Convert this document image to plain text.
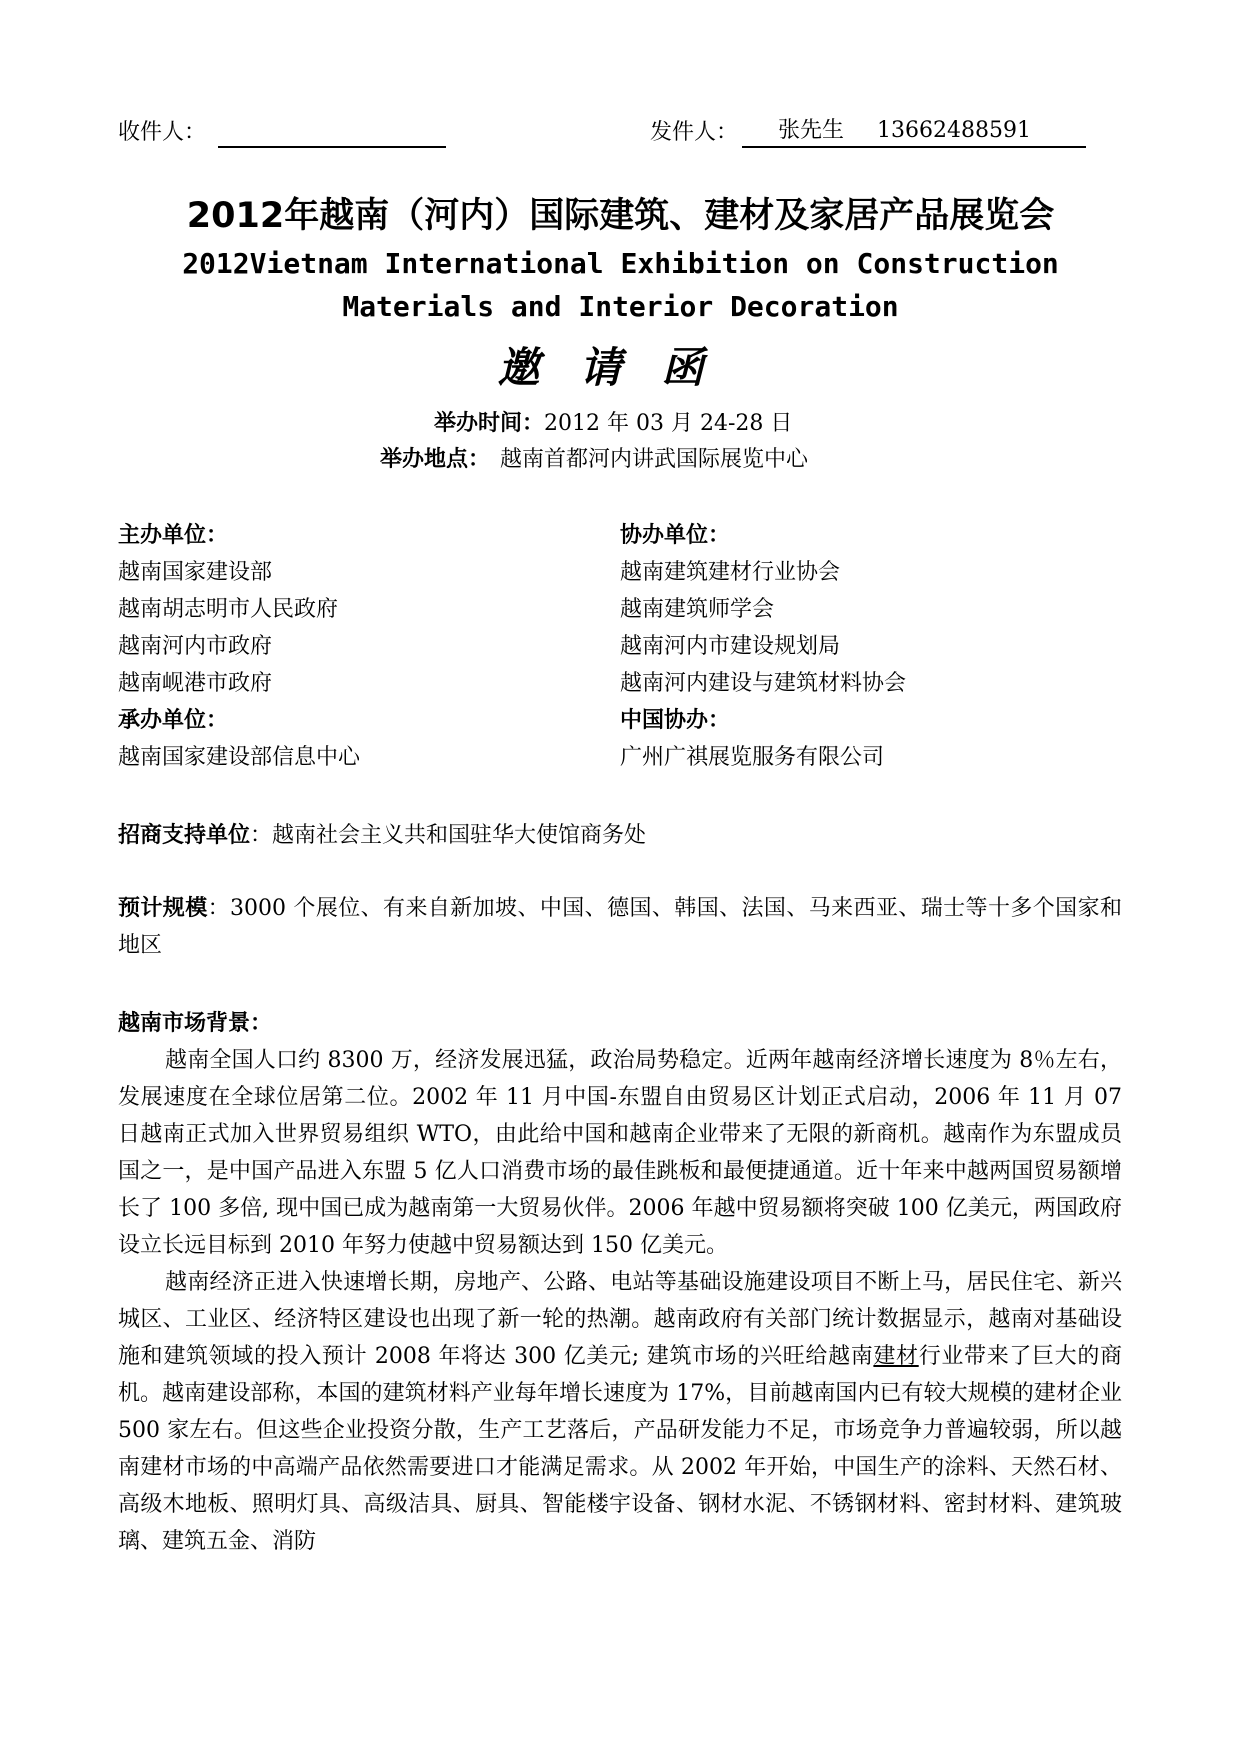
收件人：	发件人：	张先生 13662488591
2012年越南（河内）国际建筑、建材及家居产品展览会
2012Vietnam International Exhibition on Construction
Materials and Interior Decoration
邀请函
举办时间：2012 年 03 月 24-28 日
举办地点： 越南首都河内讲武国际展览中心
主办单位：
越南国家建设部
越南胡志明市人民政府
越南河内市政府
越南岘港市政府
承办单位：
越南国家建设部信息中心
协办单位：
越南建筑建材行业协会
越南建筑师学会
越南河内市建设规划局
越南河内建设与建筑材料协会
中国协办：
广州广祺展览服务有限公司
招商支持单位：越南社会主义共和国驻华大使馆商务处
预计规模：3000 个展位、有来自新加坡、中国、德国、韩国、法国、马来西亚、瑞士等十多个国家和地区
越南市场背景：

越南全国人口约 8300 万，经济发展迅猛，政治局势稳定。近两年越南经济增长速度为 8％左右，发展速度在全球位居第二位。2002 年 11 月中国-东盟自由贸易区计划正式启动，2006 年 11 月 07 日越南正式加入世界贸易组织 WTO，由此给中国和越南企业带来了无限的新商机。越南作为东盟成员国之一，是中国产品进入东盟 5 亿人口消费市场的最佳跳板和最便捷通道。近十年来中越两国贸易额增长了 100 多倍, 现中国已成为越南第一大贸易伙伴。2006 年越中贸易额将突破 100 亿美元，两国政府设立长远目标到 2010 年努力使越中贸易额达到 150 亿美元。

越南经济正进入快速增长期，房地产、公路、电站等基础设施建设项目不断上马，居民住宅、新兴城区、工业区、经济特区建设也出现了新一轮的热潮。越南政府有关部门统计数据显示，越南对基础设施和建筑领域的投入预计 2008 年将达 300 亿美元; 建筑市场的兴旺给越南建材行业带来了巨大的商机。越南建设部称，本国的建筑材料产业每年增长速度为 17%，目前越南国内已有较大规模的建材企业 500 家左右。但这些企业投资分散，生产工艺落后，产品研发能力不足，市场竞争力普遍较弱，所以越南建材市场的中高端产品依然需要进口才能满足需求。从 2002 年开始，中国生产的涂料、天然石材、高级木地板、照明灯具、高级洁具、厨具、智能楼宇设备、钢材水泥、不锈钢材料、密封材料、建筑玻璃、建筑五金、消防
